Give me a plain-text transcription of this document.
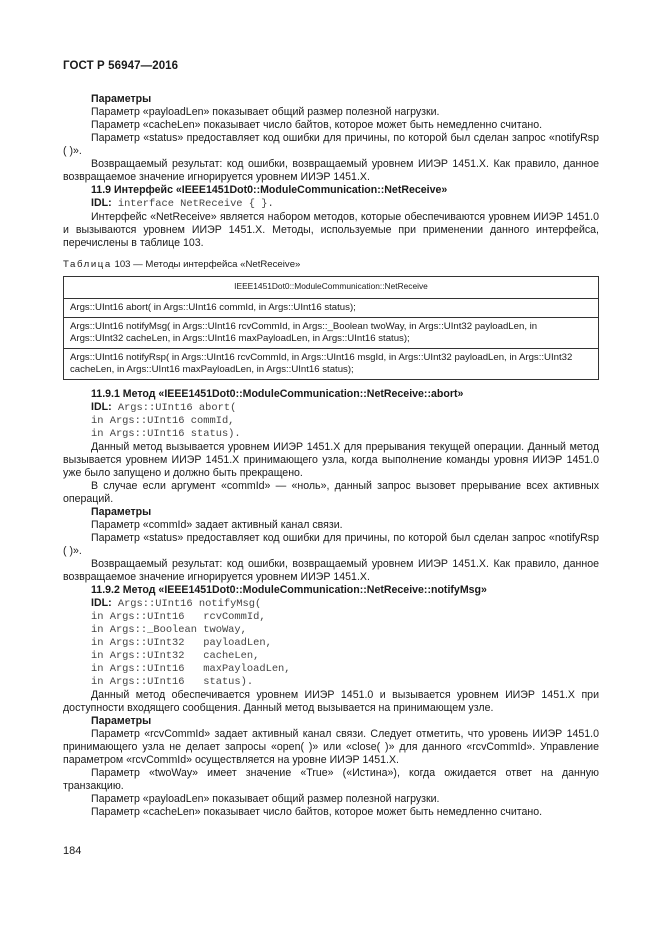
ГОСТ Р 56947—2016

Параметры

Параметр «payloadLen» показывает общий размер полезной нагрузки.

Параметр «cacheLen» показывает число байтов, которое может быть немедленно считано.

Параметр «status» предоставляет код ошибки для причины, по которой был сделан запрос «notifyRsp ( )».

Возвращаемый результат: код ошибки, возвращаемый уровнем ИИЭР 1451.Х. Как правило, данное возвращаемое значение игнорируется уровнем ИИЭР 1451.Х.

11.9 Интерфейс «IEEE1451Dot0::ModuleCommunication::NetReceive»

IDL: interface NetReceive { }.

Интерфейс «NetReceive» является набором методов, которые обеспечиваются уровнем ИИЭР 1451.0 и вызываются уровнем ИИЭР 1451.Х. Методы, используемые при применении данного интерфейса, перечислены в таблице 103.

Таблица 103 — Методы интерфейса «NetReceive»
IEEE1451Dot0::ModuleCommunication::NetReceive
Args::UInt16 abort( in Args::UInt16 commId, in Args::UInt16 status);
Args::UInt16 notifyMsg( in Args::UInt16 rcvCommId, in Args::_Boolean twoWay, in Args::UInt32 payloadLen, in Args::UInt32 cacheLen, in Args::UInt16 maxPayloadLen, in Args::UInt16 status);
Args::UInt16 notifyRsp( in Args::UInt16 rcvCommId, in Args::UInt16 msgId, in Args::UInt32 payloadLen, in Args::UInt32 cacheLen, in Args::UInt16 maxPayloadLen, in Args::UInt16 status);

11.9.1 Метод «IEEE1451Dot0::ModuleCommunication::NetReceive::abort»

IDL: Args::UInt16 abort(

in Args::UInt16 commId,
in Args::UInt16 status).

Данный метод вызывается уровнем ИИЭР 1451.Х для прерывания текущей операции. Данный метод вызывается уровнем ИИЭР 1451.Х принимающего узла, когда выполнение команды уровня ИИЭР 1451.0 уже было запущено и должно быть прекращено.

В случае если аргумент «commId» — «ноль», данный запрос вызовет прерывание всех активных операций.

Параметры

Параметр «commId» задает активный канал связи.

Параметр «status» предоставляет код ошибки для причины, по которой был сделан запрос «notifyRsp ( )».

Возвращаемый результат: код ошибки, возвращаемый уровнем ИИЭР 1451.Х. Как правило, данное возвращаемое значение игнорируется уровнем ИИЭР 1451.Х.

11.9.2 Метод «IEEE1451Dot0::ModuleCommunication::NetReceive::notifyMsg»

IDL: Args::UInt16 notifyMsg(

in Args::UInt16   rcvCommId,
in Args::_Boolean twoWay,
in Args::UInt32   payloadLen,
in Args::UInt32   cacheLen,
in Args::UInt16   maxPayloadLen,
in Args::UInt16   status).

Данный метод обеспечивается уровнем ИИЭР 1451.0 и вызывается уровнем ИИЭР 1451.Х при доступности входящего сообщения. Данный метод вызывается на принимающем узле.

Параметры

Параметр «rcvCommId» задает активный канал связи. Следует отметить, что уровень ИИЭР 1451.0 принимающего узла не делает запросы «open( )» или «close( )» для данного «rcvCommId». Управление параметром «rcvCommId» осуществляется на уровне ИИЭР 1451.Х.

Параметр «twoWay» имеет значение «True» («Истина»), когда ожидается ответ на данную транзакцию.

Параметр «payloadLen» показывает общий размер полезной нагрузки.

Параметр «cacheLen» показывает число байтов, которое может быть немедленно считано.

184
